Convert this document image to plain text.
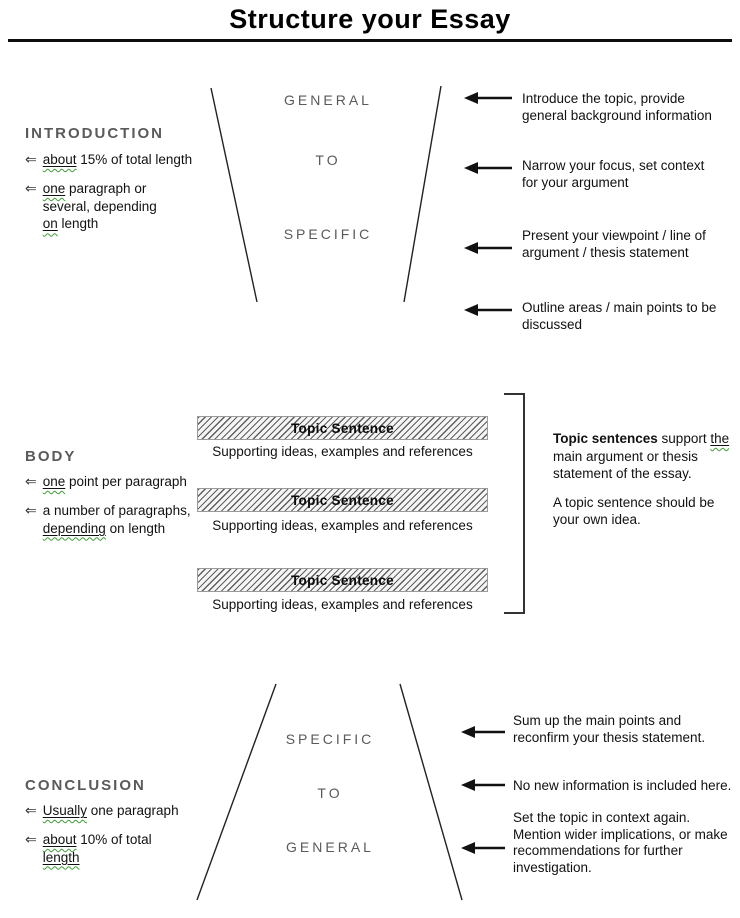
Structure your Essay
INTRODUCTION
⇐ about 15% of total length
⇐ one paragraph or several, depending on length
GENERAL
TO
SPECIFIC
Introduce the topic, provide general background information
Narrow your focus, set context for your argument
Present your viewpoint / line of argument / thesis statement
Outline areas / main points to be discussed
BODY
⇐ one point per paragraph
⇐ a number of paragraphs, depending on length
Topic Sentence
Supporting ideas, examples and references
Topic Sentence
Supporting ideas, examples and references
Topic Sentence
Supporting ideas, examples and references

Topic sentences support the main argument or thesis statement of the essay.

A topic sentence should be your own idea.

CONCLUSION
⇐ Usually one paragraph
⇐ about 10% of total length
SPECIFIC
TO
GENERAL
Sum up the main points and reconfirm your thesis statement.
No new information is included here.
Set the topic in context again. Mention wider implications, or make recommendations for further investigation.
